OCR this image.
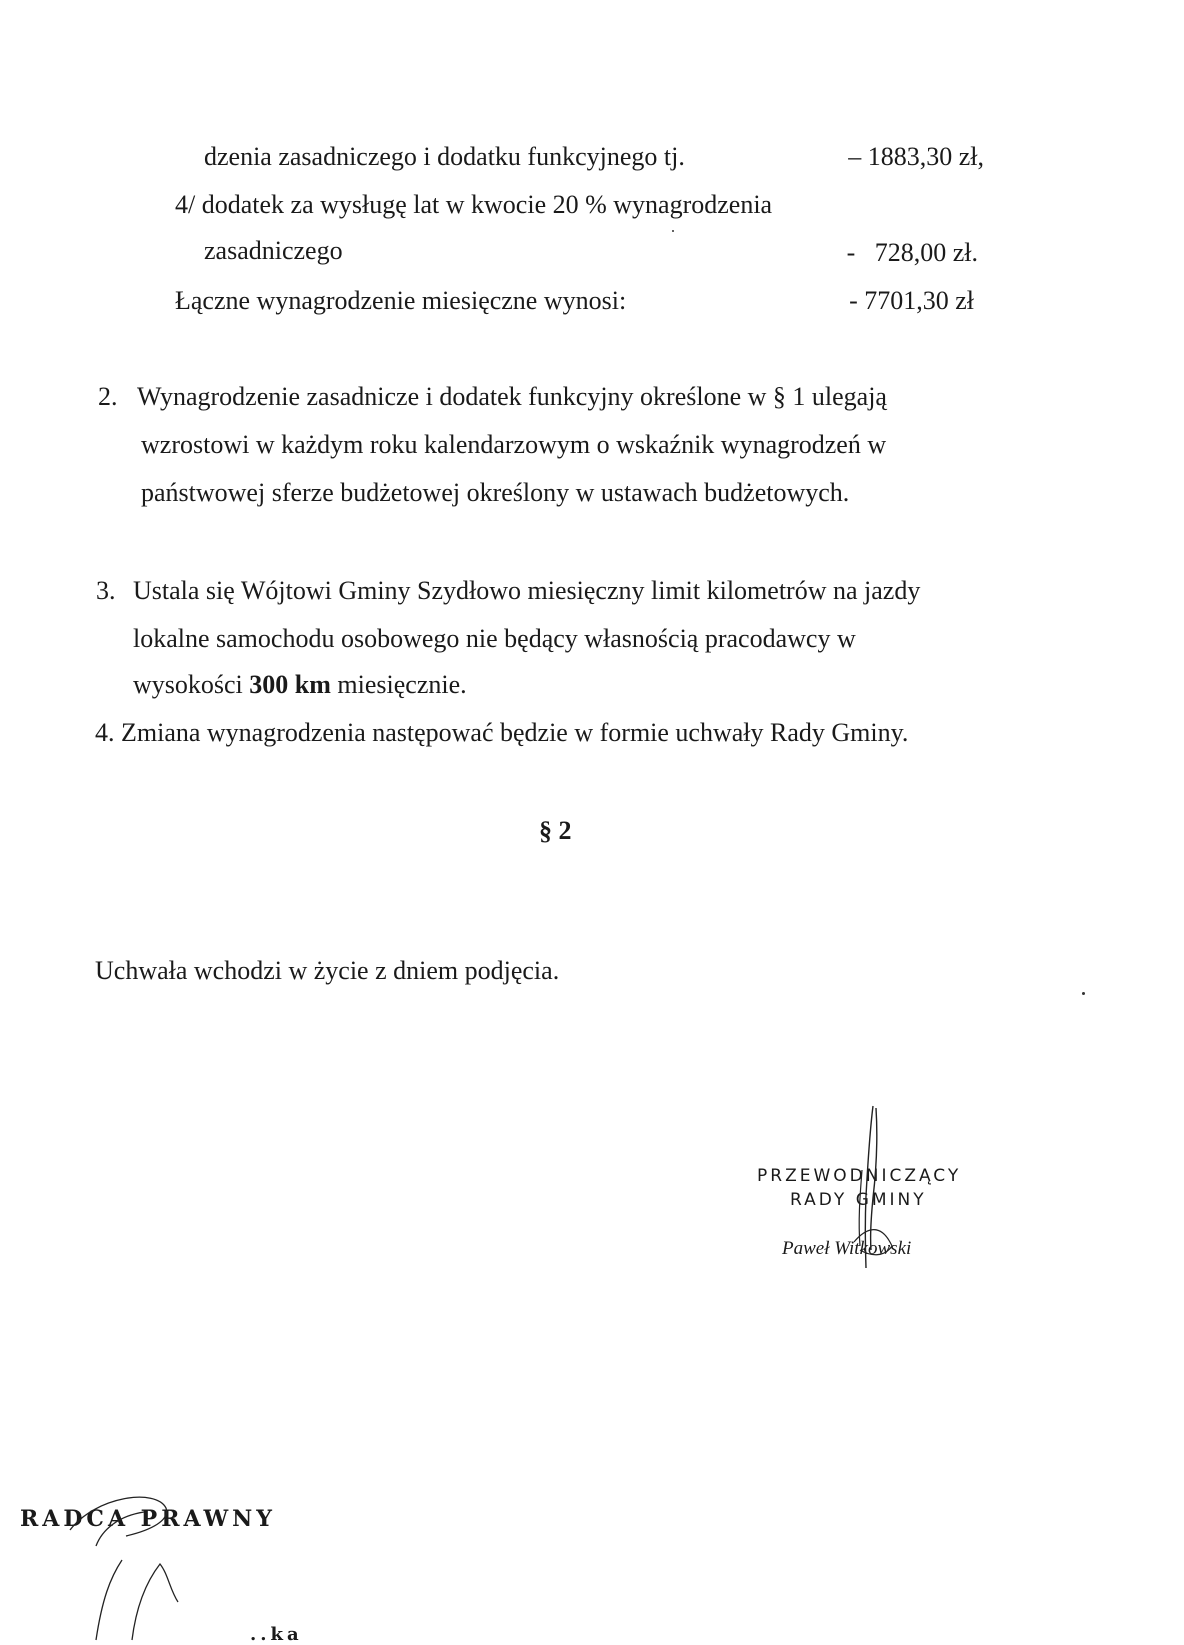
dzenia zasadniczego i dodatku funkcyjnego tj.	– 1883,30 zł,
4/ dodatek za wysługę lat w kwocie 20 % wynagrodzenia
zasadniczego	-   728,00 zł.
Łączne wynagrodzenie miesięczne wynosi:	- 7701,30 zł
2. Wynagrodzenie zasadnicze i dodatek funkcyjny określone w § 1 ulegają
wzrostowi w każdym roku kalendarzowym o wskaźnik wynagrodzeń w
państwowej sferze budżetowej określony w ustawach budżetowych.
3. Ustala się Wójtowi Gminy Szydłowo miesięczny limit kilometrów na jazdy
lokalne samochodu osobowego nie będący własnością pracodawcy w
wysokości 300 km miesięcznie.
4. Zmiana wynagrodzenia następować będzie w formie uchwały Rady Gminy.
§ 2
Uchwała wchodzi w życie z dniem podjęcia.
PRZEWODNICZĄCY
RADY GMINY
Paweł Witkowski
RADCA PRAWNY
..ka
